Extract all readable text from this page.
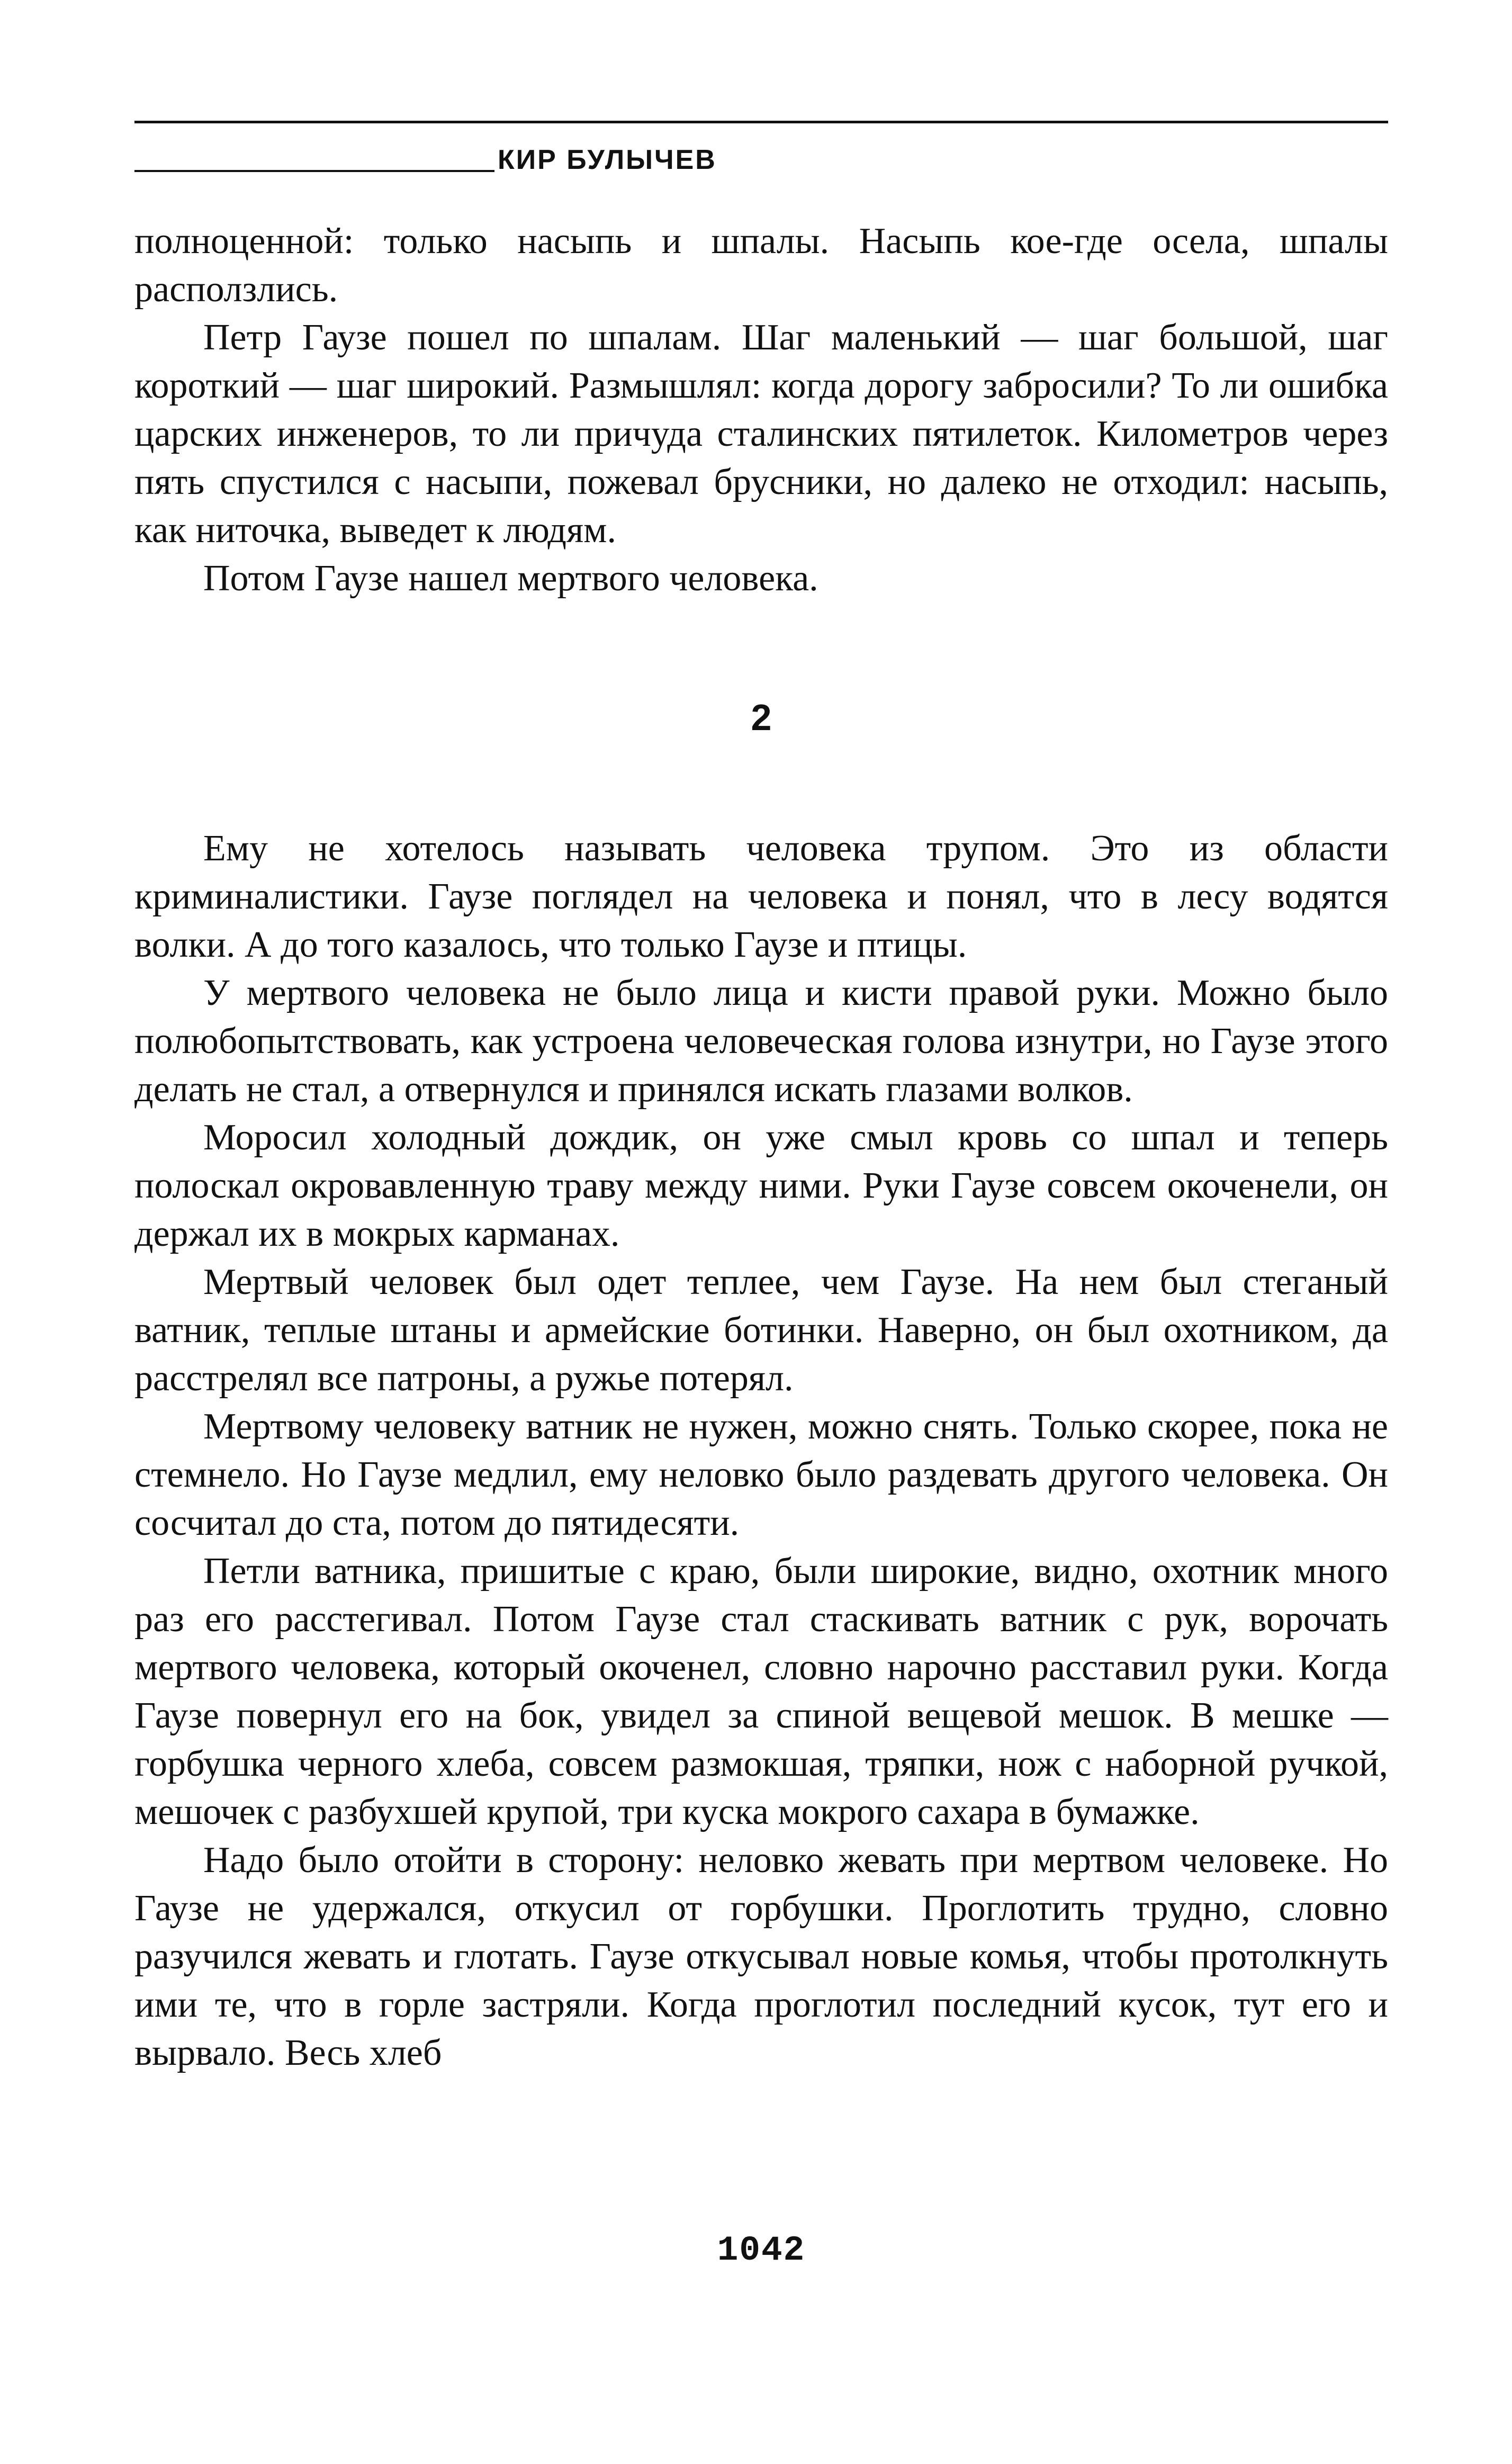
КИР БУЛЫЧЕВ

полноценной: только насыпь и шпалы. Насыпь кое-где осела, шпалы расползлись.

Петр Гаузе пошел по шпалам. Шаг маленький — шаг большой, шаг короткий — шаг широкий. Размышлял: когда дорогу забросили? То ли ошибка царских инженеров, то ли причуда сталинских пятилеток. Километров через пять спустился с насыпи, пожевал брусники, но далеко не отходил: насыпь, как ниточка, выведет к людям.

Потом Гаузе нашел мертвого человека.

2

Ему не хотелось называть человека трупом. Это из области криминалистики. Гаузе поглядел на человека и понял, что в лесу водятся волки. А до того казалось, что только Гаузе и птицы.

У мертвого человека не было лица и кисти правой руки. Можно было полюбопытствовать, как устроена человеческая голова изнутри, но Гаузе этого делать не стал, а отвернулся и принялся искать глазами волков.

Моросил холодный дождик, он уже смыл кровь со шпал и теперь полоскал окровавленную траву между ними. Руки Гаузе совсем окоченели, он держал их в мокрых карманах.

Мертвый человек был одет теплее, чем Гаузе. На нем был стеганый ватник, теплые штаны и армейские ботинки. Наверно, он был охотником, да расстрелял все патроны, а ружье потерял.

Мертвому человеку ватник не нужен, можно снять. Только скорее, пока не стемнело. Но Гаузе медлил, ему неловко было раздевать другого человека. Он сосчитал до ста, потом до пятидесяти.

Петли ватника, пришитые с краю, были широкие, видно, охотник много раз его расстегивал. Потом Гаузе стал стаскивать ватник с рук, ворочать мертвого человека, который окоченел, словно нарочно расставил руки. Когда Гаузе повернул его на бок, увидел за спиной вещевой мешок. В мешке — горбушка черного хлеба, совсем размокшая, тряпки, нож с наборной ручкой, мешочек с разбухшей крупой, три куска мокрого сахара в бумажке.

Надо было отойти в сторону: неловко жевать при мертвом человеке. Но Гаузе не удержался, откусил от горбушки. Проглотить трудно, словно разучился жевать и глотать. Гаузе откусывал новые комья, чтобы протолкнуть ими те, что в горле застряли. Когда проглотил последний кусок, тут его и вырвало. Весь хлеб

1042
